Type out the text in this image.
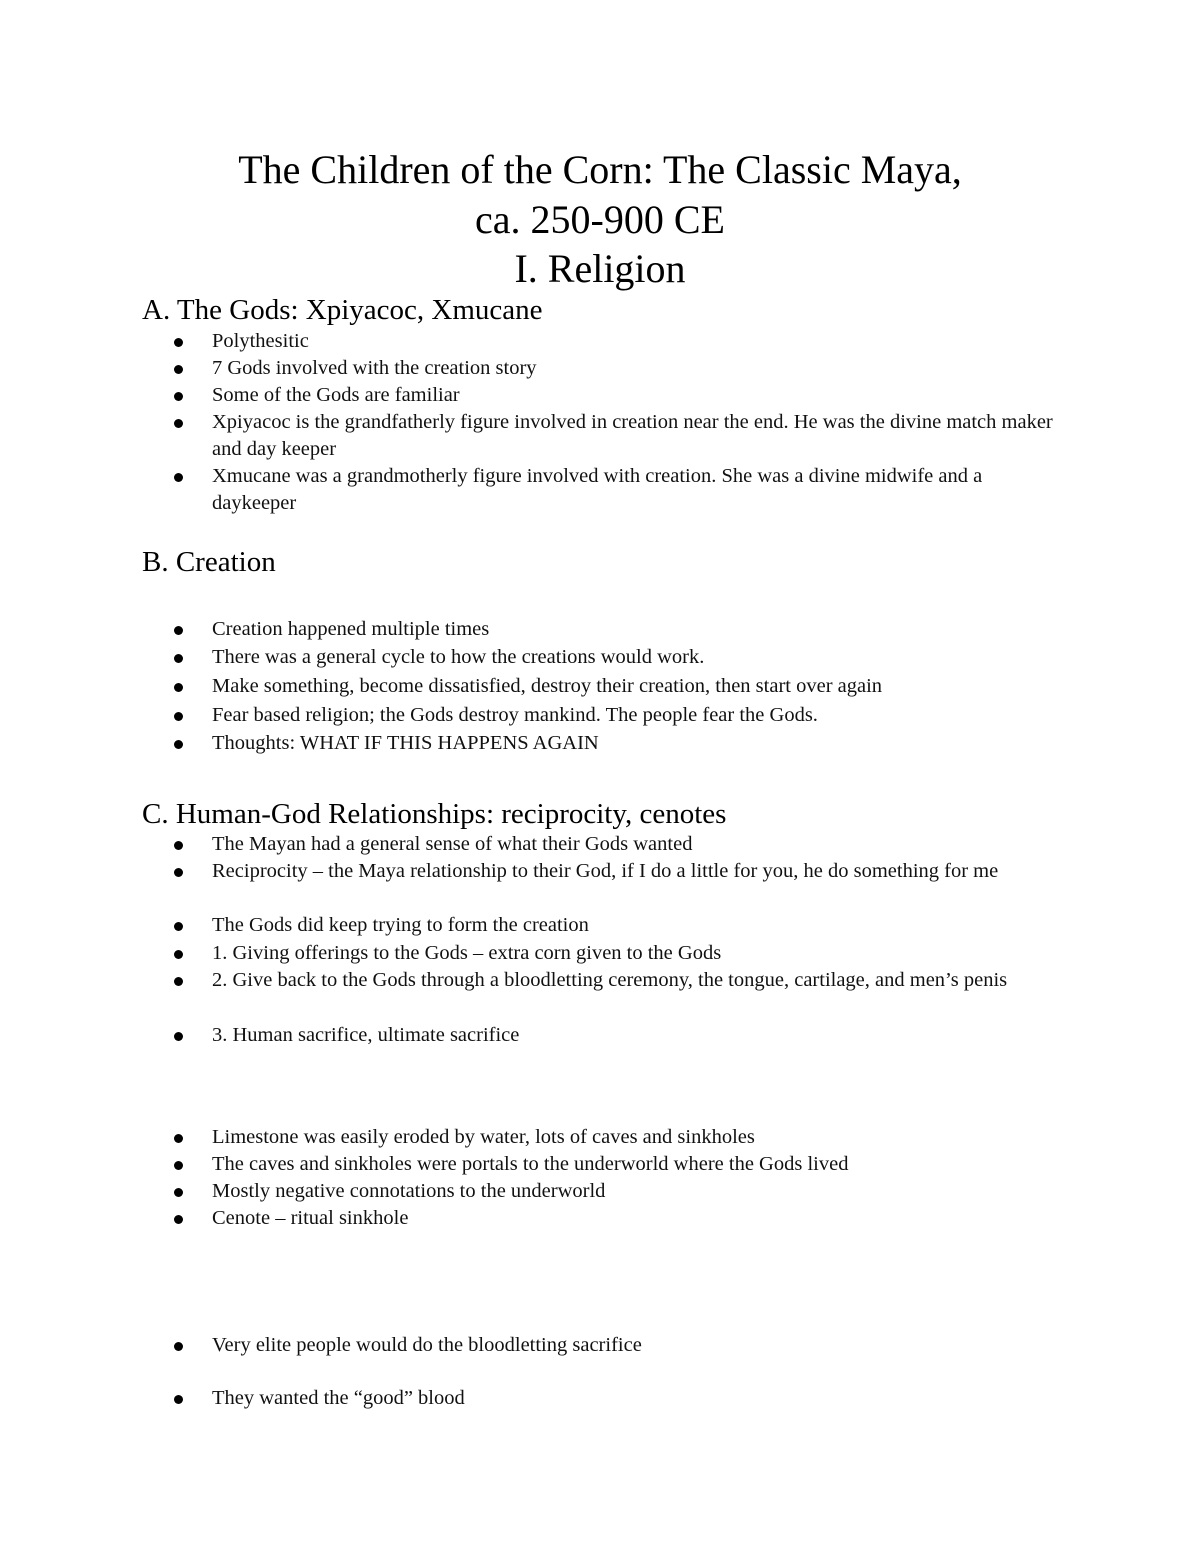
The Children of the Corn: The Classic Maya,
ca. 250-900 CE
I. Religion
A. The Gods: Xpiyacoc, Xmucane
Polythesitic
7 Gods involved with the creation story
Some of the Gods are familiar
Xpiyacoc is the grandfatherly figure involved in creation near the end. He was the divine match maker and day keeper
Xmucane was a grandmotherly figure involved with creation. She was a divine midwife and a daykeeper
B. Creation
Creation happened multiple times
There was a general cycle to how the creations would work.
Make something, become dissatisfied, destroy their creation, then start over again
Fear based religion; the Gods destroy mankind. The people fear the Gods.
Thoughts: WHAT IF THIS HAPPENS AGAIN
C. Human-God Relationships: reciprocity, cenotes
The Mayan had a general sense of what their Gods wanted
Reciprocity – the Maya relationship to their God, if I do a little for you, he do something for me
The Gods did keep trying to form the creation
1. Giving offerings to the Gods – extra corn given to the Gods
2. Give back to the Gods through a bloodletting ceremony, the tongue, cartilage, and men’s penis
3. Human sacrifice, ultimate sacrifice
Limestone was easily eroded by water, lots of caves and sinkholes
The caves and sinkholes were portals to the underworld where the Gods lived
Mostly negative connotations to the underworld
Cenote – ritual sinkhole
Very elite people would do the bloodletting sacrifice
They wanted the “good” blood
